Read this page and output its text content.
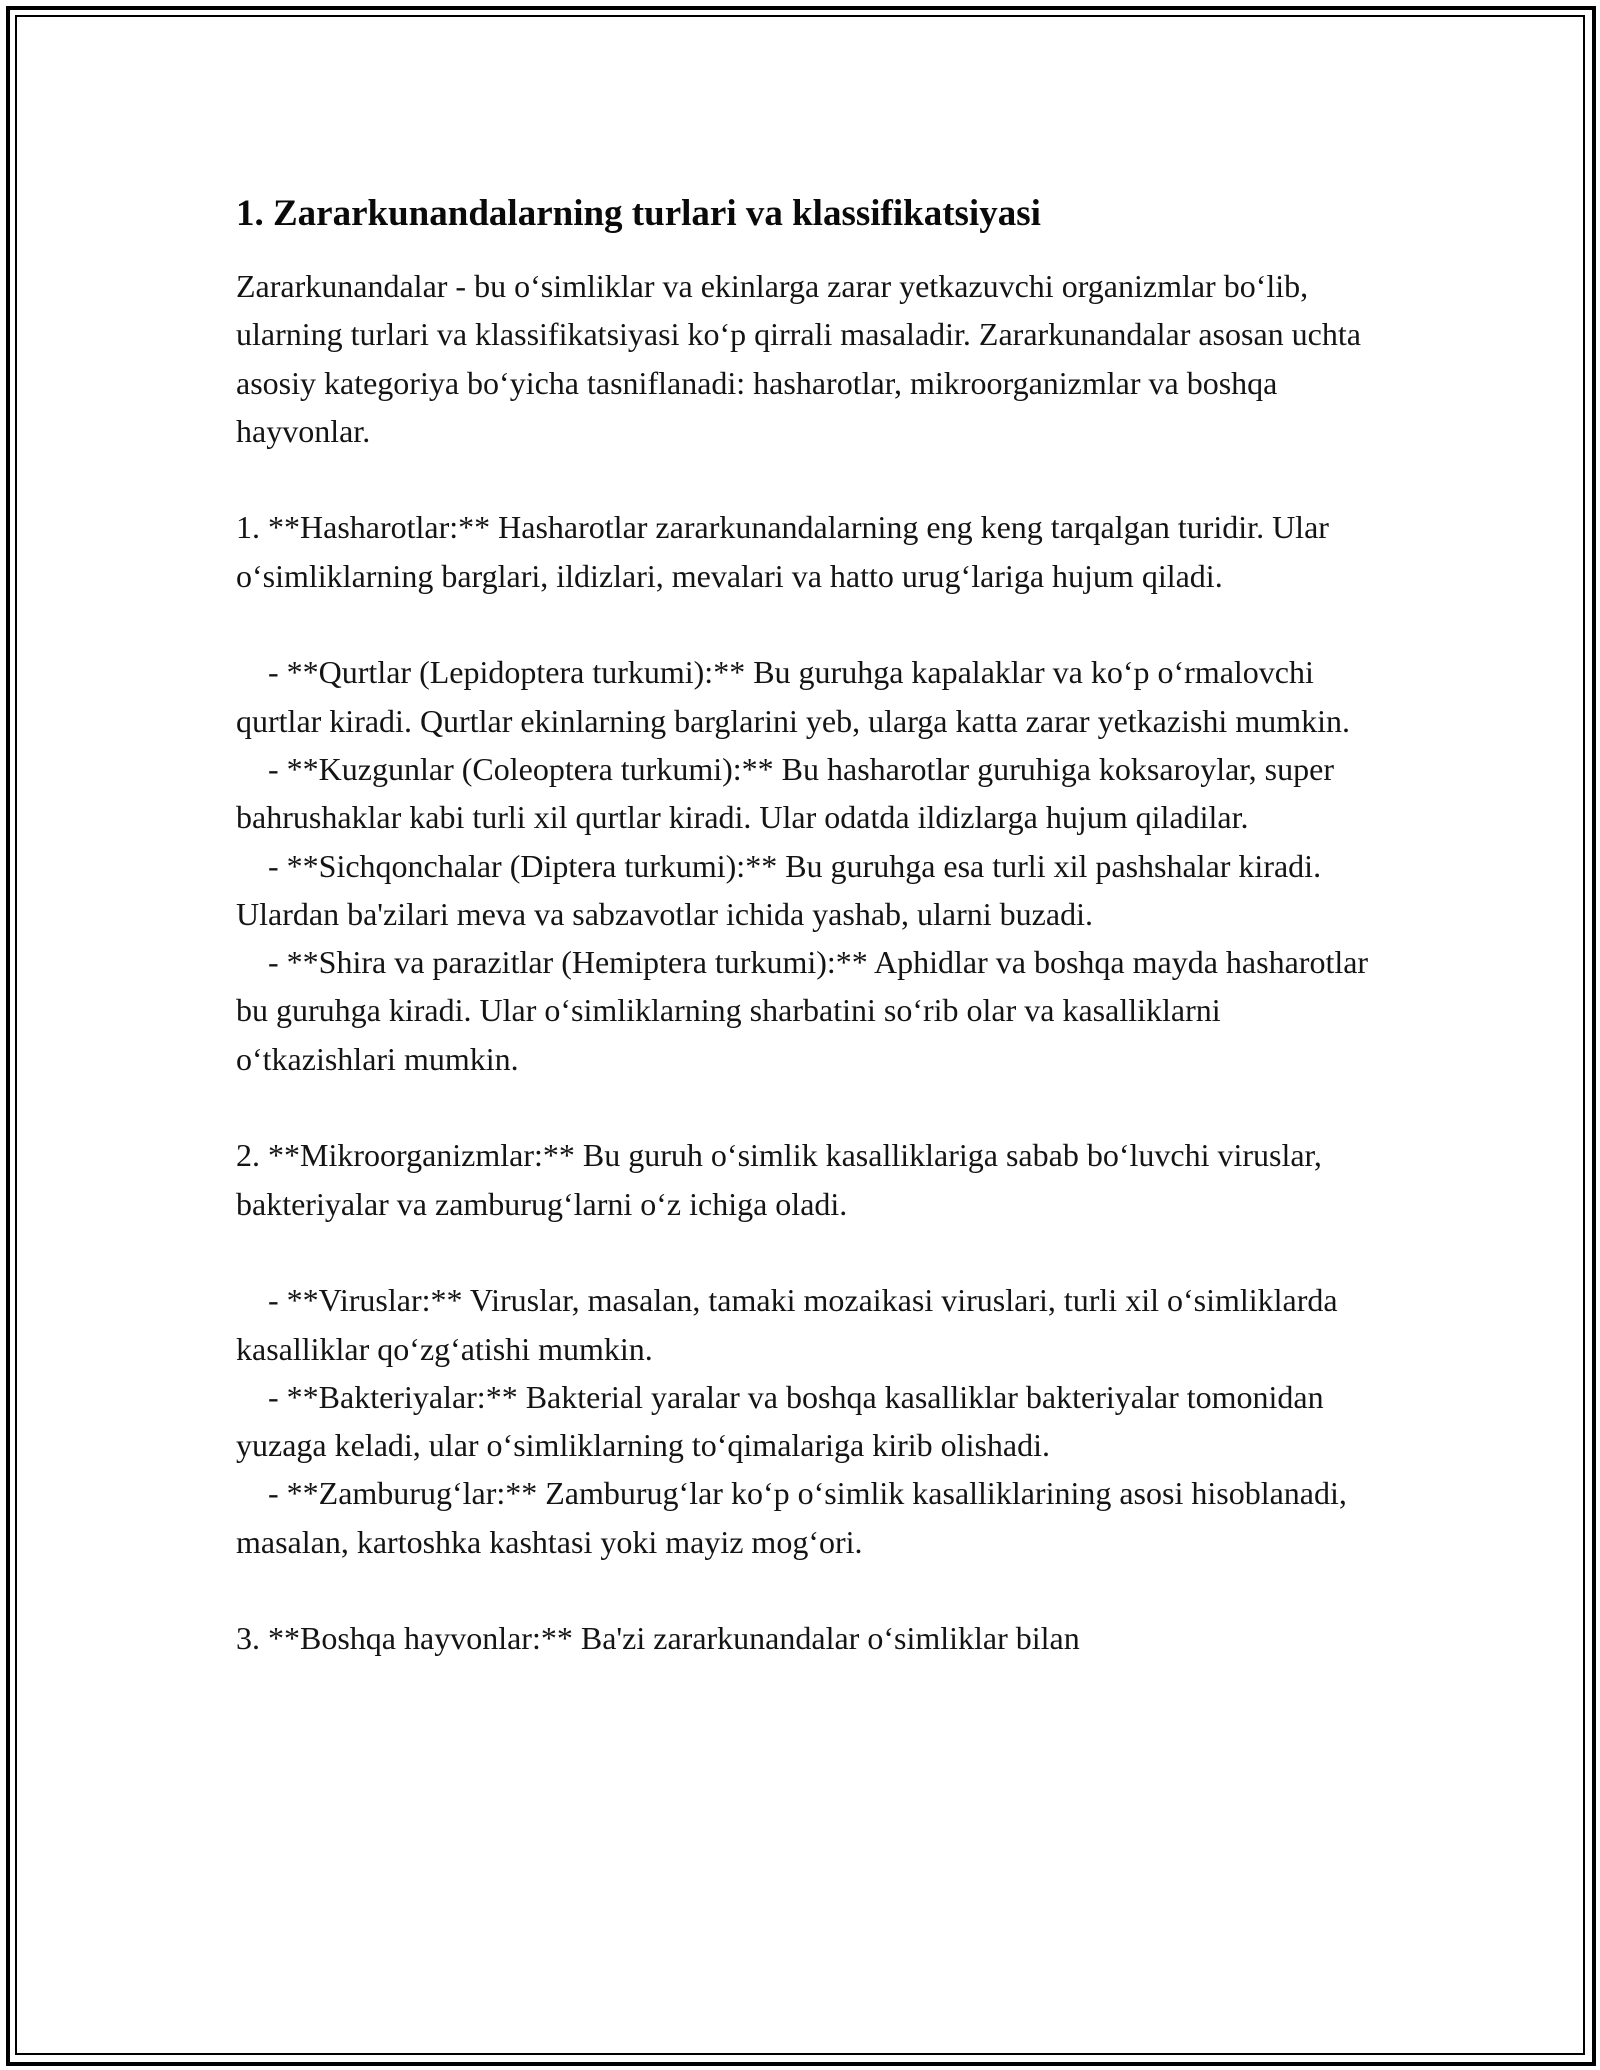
1. Zararkunandalarning turlari va klassifikatsiyasi

Zararkunandalar - bu o‘simliklar va ekinlarga zarar yetkazuvchi organizmlar bo‘lib, ularning turlari va klassifikatsiyasi ko‘p qirrali masaladir. Zararkunandalar asosan uchta asosiy kategoriya bo‘yicha tasniflanadi: hasharotlar, mikroorganizmlar va boshqa hayvonlar.

1. **Hasharotlar:** Hasharotlar zararkunandalarning eng keng tarqalgan turidir. Ular o‘simliklarning barglari, ildizlari, mevalari va hatto urug‘lariga hujum qiladi.

- **Qurtlar (Lepidoptera turkumi):** Bu guruhga kapalaklar va ko‘p o‘rmalovchi qurtlar kiradi. Qurtlar ekinlarning barglarini yeb, ularga katta zarar yetkazishi mumkin.
- **Kuzgunlar (Coleoptera turkumi):** Bu hasharotlar guruhiga koksaroylar, super bahrushaklar kabi turli xil qurtlar kiradi. Ular odatda ildizlarga hujum qiladilar.
- **Sichqonchalar (Diptera turkumi):** Bu guruhga esa turli xil pashshalar kiradi. Ulardan ba'zilari meva va sabzavotlar ichida yashab, ularni buzadi.
- **Shira va parazitlar (Hemiptera turkumi):** Aphidlar va boshqa mayda hasharotlar bu guruhga kiradi. Ular o‘simliklarning sharbatini so‘rib olar va kasalliklarni o‘tkazishlari mumkin.

2. **Mikroorganizmlar:** Bu guruh o‘simlik kasalliklariga sabab bo‘luvchi viruslar, bakteriyalar va zamburug‘larni o‘z ichiga oladi.

- **Viruslar:** Viruslar, masalan, tamaki mozaikasi viruslari, turli xil o‘simliklarda kasalliklar qo‘zg‘atishi mumkin.
- **Bakteriyalar:** Bakterial yaralar va boshqa kasalliklar bakteriyalar tomonidan yuzaga keladi, ular o‘simliklarning to‘qimalariga kirib olishadi.
- **Zamburug‘lar:** Zamburug‘lar ko‘p o‘simlik kasalliklarining asosi hisoblanadi, masalan, kartoshka kashtasi yoki mayiz mog‘ori.

3. **Boshqa hayvonlar:** Ba'zi zararkunandalar o‘simliklar bilan
